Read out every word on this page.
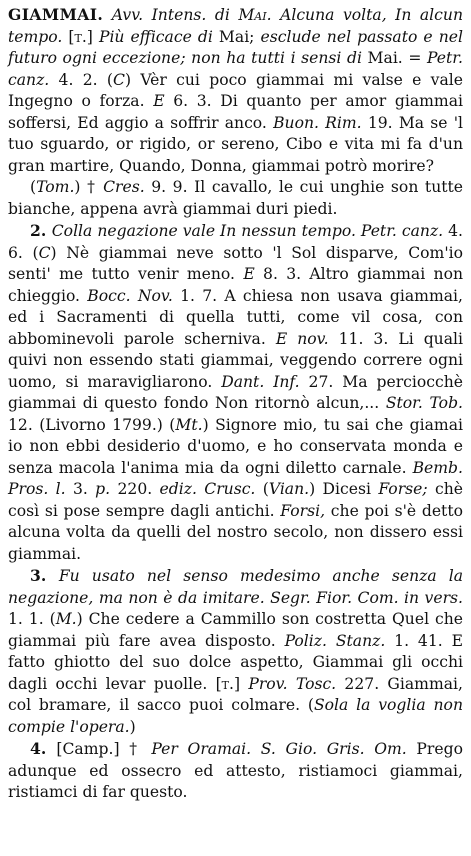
GIAMMAI. Avv. Intens. di Mai. Alcuna volta, In alcun tempo. [t.] Più efficace di Mai; esclude nel passato e nel futuro ogni eccezione; non ha tutti i sensi di Mai. = Petr. canz. 4. 2. (C) Vèr cui poco giammai mi valse e vale Ingegno o forza. E 6. 3. Di quanto per amor giammai soffersi, Ed aggio a soffrir anco. Buon. Rim. 19. Ma se 'l tuo sguardo, or rigido, or sereno, Cibo e vita mi fa d'un gran martire, Quando, Donna, giammai potrò morire?

(Tom.) † Cres. 9. 9. Il cavallo, le cui unghie son tutte bianche, appena avrà giammai duri piedi.

2. Colla negazione vale In nessun tempo. Petr. canz. 4. 6. (C) Nè giammai neve sotto 'l Sol disparve, Com'io senti' me tutto venir meno. E 8. 3. Altro giammai non chieggio. Bocc. Nov. 1. 7. A chiesa non usava giammai, ed i Sacramenti di quella tutti, come vil cosa, con abbominevoli parole scherniva. E nov. 11. 3. Li quali quivi non essendo stati giammai, veggendo correre ogni uomo, si maravigliarono. Dant. Inf. 27. Ma perciocchè giammai di questo fondo Non ritornò alcun,... Stor. Tob. 12. (Livorno 1799.) (Mt.) Signore mio, tu sai che giamai io non ebbi desiderio d'uomo, e ho conservata monda e senza macola l'anima mia da ogni diletto carnale. Bemb. Pros. l. 3. p. 220. ediz. Crusc. (Vian.) Dicesi Forse; chè così si pose sempre dagli antichi. Forsi, che poi s'è detto alcuna volta da quelli del nostro secolo, non dissero essi giammai.

3. Fu usato nel senso medesimo anche senza la negazione, ma non è da imitare. Segr. Fior. Com. in vers. 1. 1. (M.) Che cedere a Cammillo son costretta Quel che giammai più fare avea disposto. Poliz. Stanz. 1. 41. E fatto ghiotto del suo dolce aspetto, Giammai gli occhi dagli occhi levar puolle. [t.] Prov. Tosc. 227. Giammai, col bramare, il sacco puoi colmare. (Sola la voglia non compie l'opera.)

4. [Camp.] † Per Oramai. S. Gio. Gris. Om. Prego adunque ed ossecro ed attesto, ristiamoci giammai, ristiamci di far questo.
